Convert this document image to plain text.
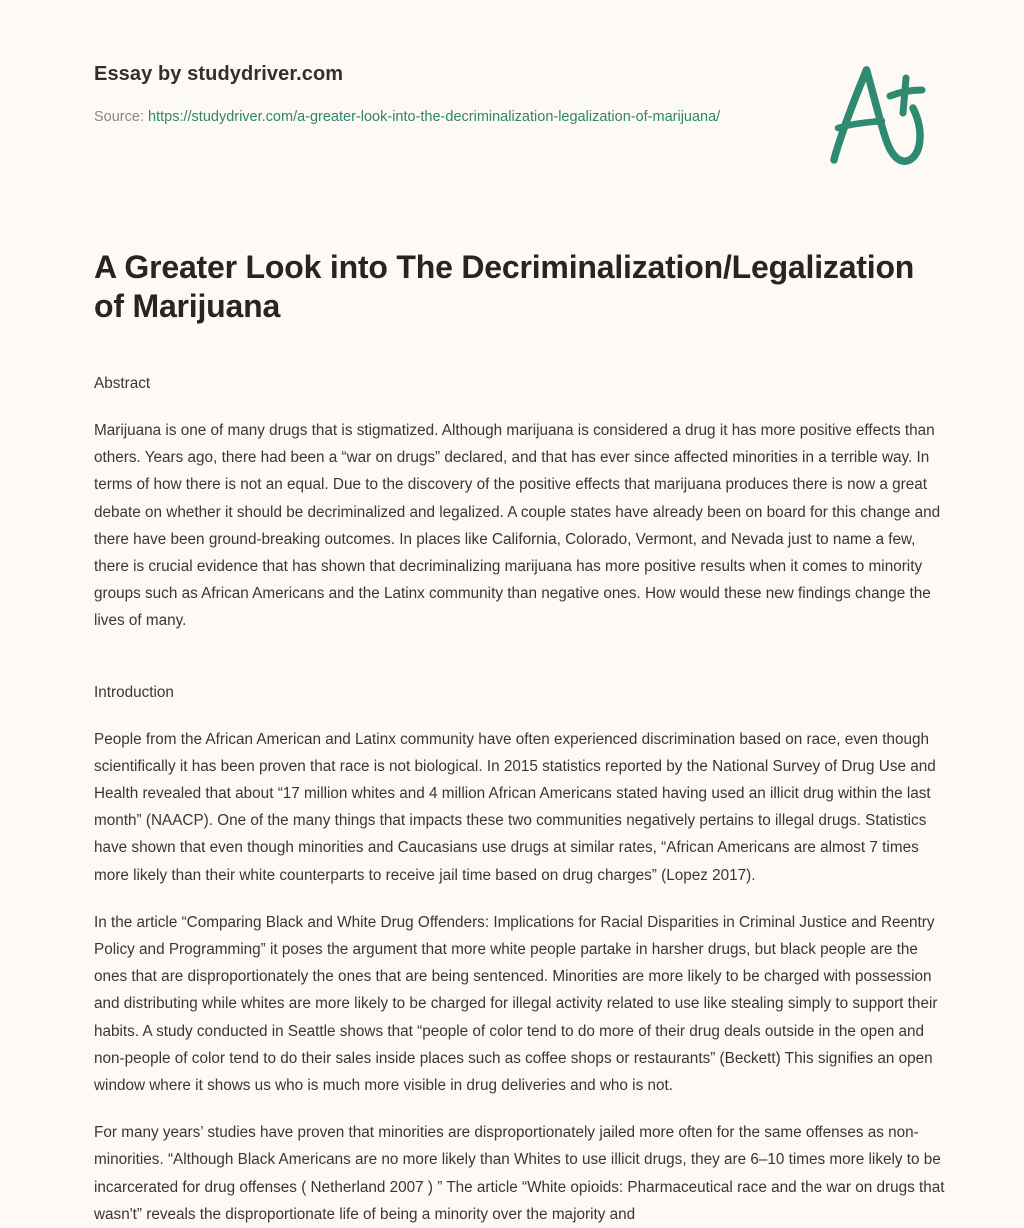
Essay by studydriver.com
Source: https://studydriver.com/a-greater-look-into-the-decriminalization-legalization-of-marijuana/
A Greater Look into The Decriminalization/Legalization of Marijuana
Abstract

Marijuana is one of many drugs that is stigmatized. Although marijuana is considered a drug it has more positive effects than others. Years ago, there had been a “war on drugs” declared, and that has ever since affected minorities in a terrible way. In terms of how there is not an equal. Due to the discovery of the positive effects that marijuana produces there is now a great debate on whether it should be decriminalized and legalized. A couple states have already been on board for this change and there have been ground-breaking outcomes. In places like California, Colorado, Vermont, and Nevada just to name a few, there is crucial evidence that has shown that decriminalizing marijuana has more positive results when it comes to minority groups such as African Americans and the Latinx community than negative ones. How would these new findings change the lives of many.

Introduction

People from the African American and Latinx community have often experienced discrimination based on race, even though scientifically it has been proven that race is not biological. In 2015 statistics reported by the National Survey of Drug Use and Health revealed that about “17 million whites and 4 million African Americans stated having used an illicit drug within the last month” (NAACP). One of the many things that impacts these two communities negatively pertains to illegal drugs. Statistics have shown that even though minorities and Caucasians use drugs at similar rates, “African Americans are almost 7 times more likely than their white counterparts to receive jail time based on drug charges” (Lopez 2017).

In the article “Comparing Black and White Drug Offenders: Implications for Racial Disparities in Criminal Justice and Reentry Policy and Programming” it poses the argument that more white people partake in harsher drugs, but black people are the ones that are disproportionately the ones that are being sentenced. Minorities are more likely to be charged with possession and distributing while whites are more likely to be charged for illegal activity related to use like stealing simply to support their habits. A study conducted in Seattle shows that “people of color tend to do more of their drug deals outside in the open and non-people of color tend to do their sales inside places such as coffee shops or restaurants” (Beckett) This signifies an open window where it shows us who is much more visible in drug deliveries and who is not.

For many years’ studies have proven that minorities are disproportionately jailed more often for the same offenses as non-minorities. “Although Black Americans are no more likely than Whites to use illicit drugs, they are 6–10 times more likely to be incarcerated for drug offenses ( Netherland 2007 ) ” The article “White opioids: Pharmaceutical race and the war on drugs that wasn't” reveals the disproportionate life of being a minority over the majority and
